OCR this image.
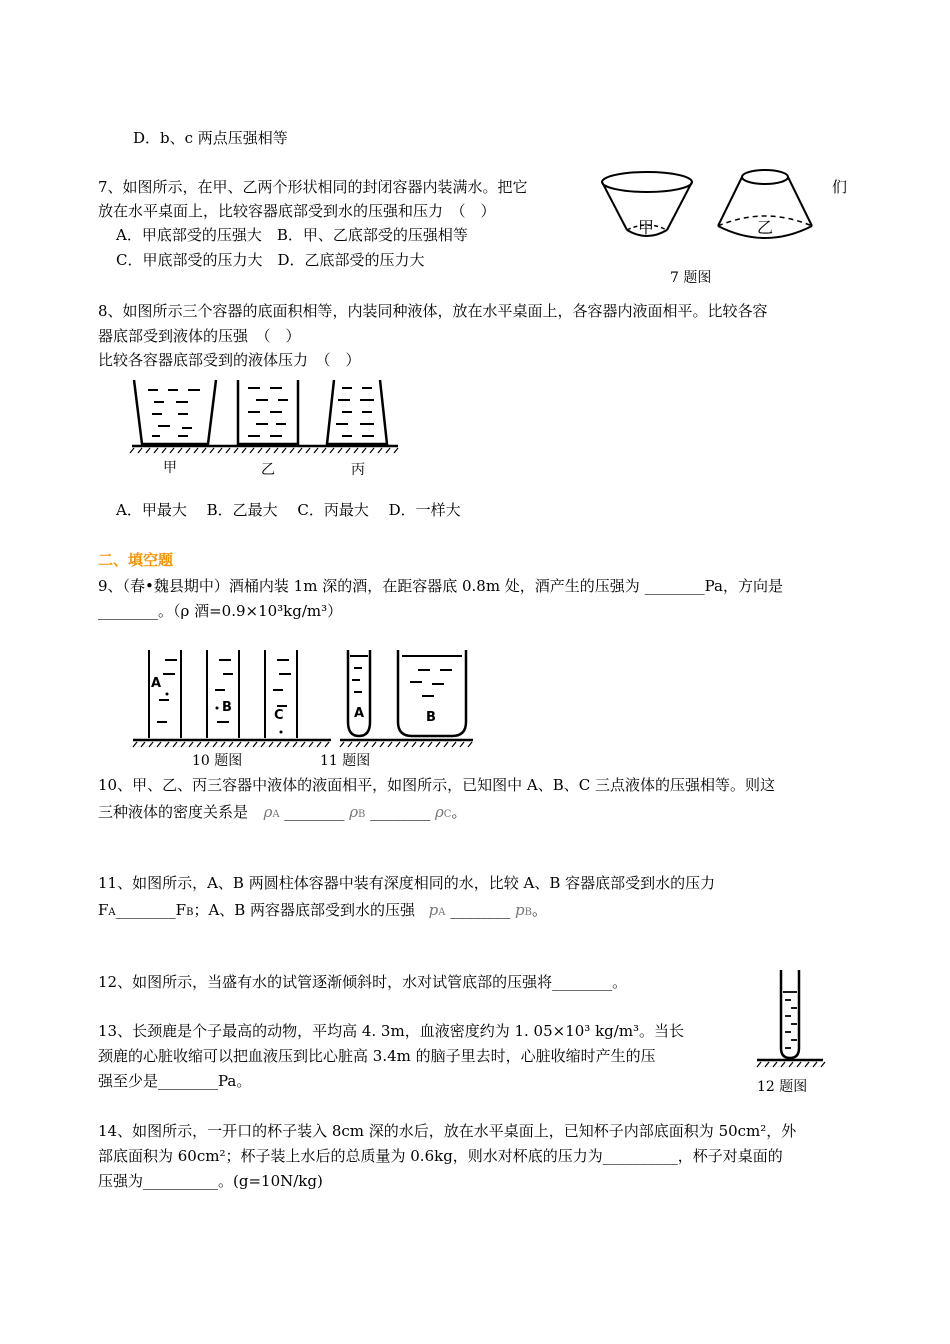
D．b、c 两点压强相等
7、如图所示，在甲、乙两个形状相同的封闭容器内装满水。把它	们
放在水平桌面上，比较容器底部受到水的压强和压力　（　）
A．甲底部受的压强大　B．甲、乙底部受的压强相等
C．甲底部受的压力大　D．乙底部受的压力大
甲	乙
7 题图
8、如图所示三个容器的底面积相等，内装同种液体，放在水平桌面上，各容器内液面相平。比较各容
器底部受到液体的压强　（　）
比较各容器底部受到的液体压力　（　）
甲	乙	丙
A．甲最大　 B．乙最大　 C．丙最大　 D．一样大
二、填空题
9、（春•魏县期中）酒桶内装 1m 深的酒，在距容器底 0.8m 处，酒产生的压强为 ________Pa，方向是
________。（ρ 酒=0.9×10³kg/m³）
A
B
C	A	B
10 题图	11 题图
10、甲、乙、丙三容器中液体的液面相平，如图所示，已知图中 A、B、C 三点液体的压强相等。则这
三种液体的密度关系是 ρA ________ ρB ________ ρC。
11、如图所示，A、B 两圆柱体容器中装有深度相同的水，比较 A、B 容器底部受到水的压力
FA________FB；A、B 两容器底部受到水的压强 pA ________ pB。
12、如图所示，当盛有水的试管逐渐倾斜时，水对试管底部的压强将________。
12 题图
13、长颈鹿是个子最高的动物，平均高 4. 3m，血液密度约为 1. 05×10³ kg/m³。当长
颈鹿的心脏收缩可以把血液压到比心脏高 3.4m 的脑子里去时，心脏收缩时产生的压
强至少是________Pa。
14、如图所示，一开口的杯子装入 8cm 深的水后，放在水平桌面上，已知杯子内部底面积为 50cm²，外
部底面积为 60cm²；杯子装上水后的总质量为 0.6kg，则水对杯底的压力为__________，杯子对桌面的
压强为__________。(g=10N/kg)
